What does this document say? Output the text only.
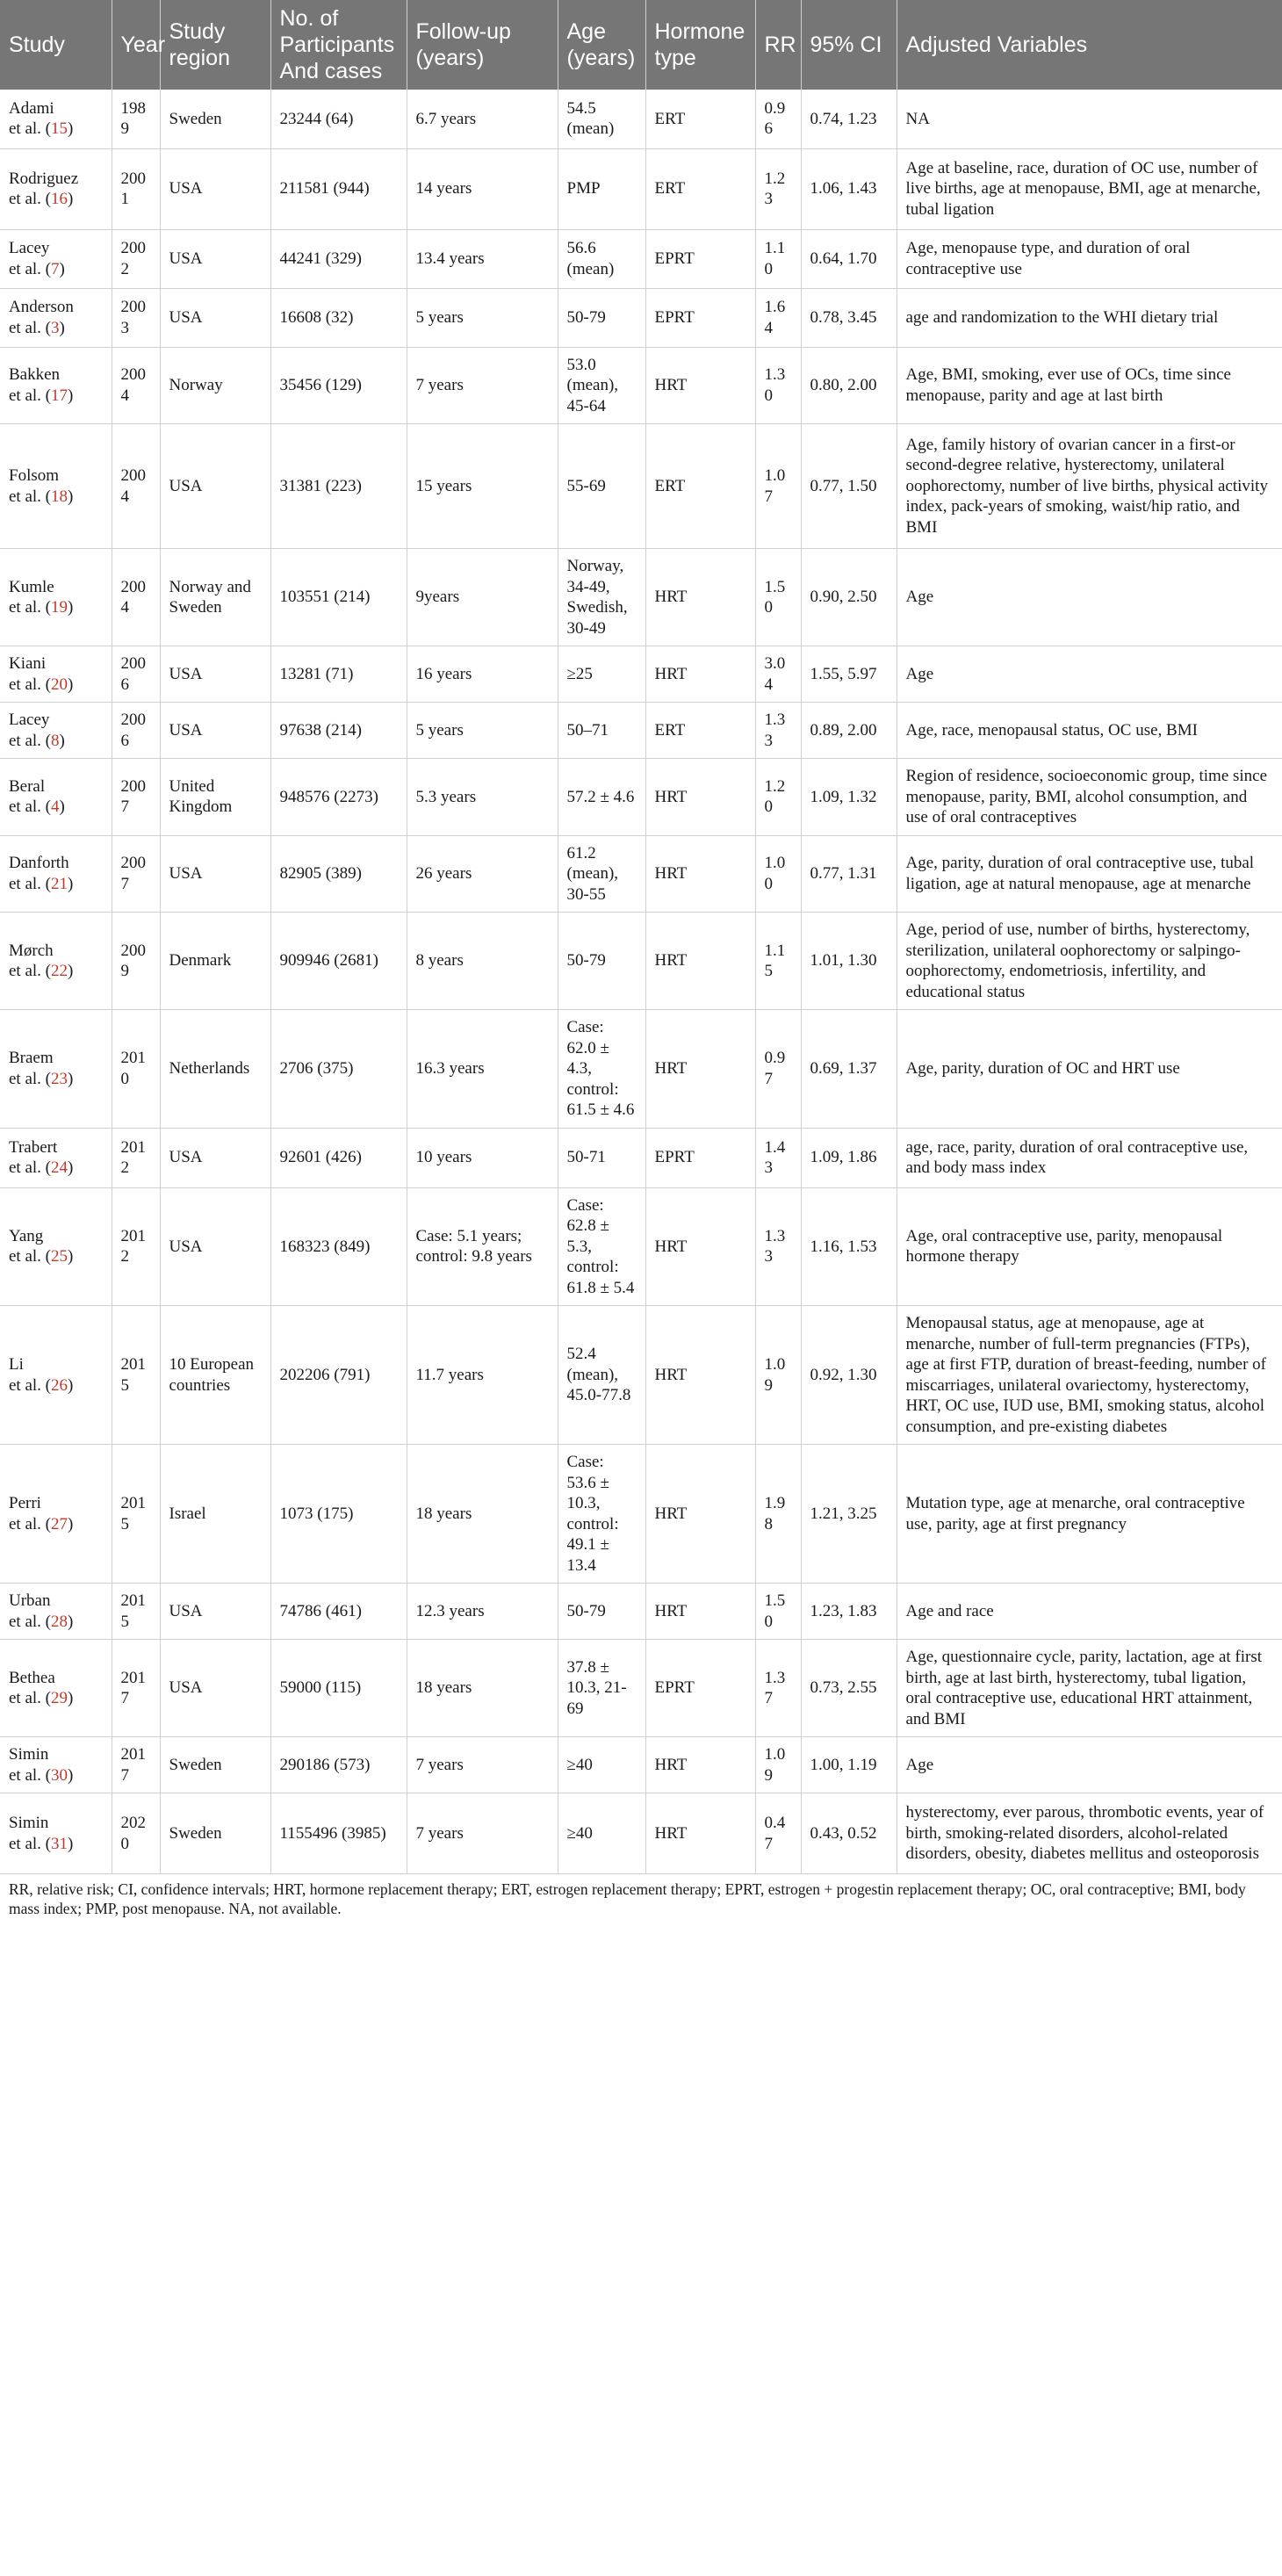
Study	Year	Study region	No. of Participants And cases	Follow-up (years)	Age (years)	Hormone type	RR	95% CI	Adjusted Variables
Adami
et al. (15)	1989	Sweden	23244 (64)	6.7 years	54.5 (mean)	ERT	0.96	0.74, 1.23	NA
Rodriguez
et al. (16)	2001	USA	211581 (944)	14 years	PMP	ERT	1.23	1.06, 1.43	Age at baseline, race, duration of OC use, number of live births, age at menopause, BMI, age at menarche, tubal ligation
Lacey
et al. (7)	2002	USA	44241 (329)	13.4 years	56.6 (mean)	EPRT	1.10	0.64, 1.70	Age, menopause type, and duration of oral contraceptive use
Anderson
et al. (3)	2003	USA	16608 (32)	5 years	50-79	EPRT	1.64	0.78, 3.45	age and randomization to the WHI dietary trial
Bakken
et al. (17)	2004	Norway	35456 (129)	7 years	53.0 (mean), 45-64	HRT	1.30	0.80, 2.00	Age, BMI, smoking, ever use of OCs, time since menopause, parity and age at last birth
Folsom
et al. (18)	2004	USA	31381 (223)	15 years	55-69	ERT	1.07	0.77, 1.50	Age, family history of ovarian cancer in a first-or second-degree relative, hysterectomy, unilateral oophorectomy, number of live births, physical activity index, pack-years of smoking, waist/hip ratio, and BMI
Kumle
et al. (19)	2004	Norway and Sweden	103551 (214)	9years	Norway, 34-49, Swedish, 30-49	HRT	1.50	0.90, 2.50	Age
Kiani
et al. (20)	2006	USA	13281 (71)	16 years	≥25	HRT	3.04	1.55, 5.97	Age
Lacey
et al. (8)	2006	USA	97638 (214)	5 years	50–71	ERT	1.33	0.89, 2.00	Age, race, menopausal status, OC use, BMI
Beral
et al. (4)	2007	United Kingdom	948576 (2273)	5.3 years	57.2 ± 4.6	HRT	1.20	1.09, 1.32	Region of residence, socioeconomic group, time since menopause, parity, BMI, alcohol consumption, and use of oral contraceptives
Danforth
et al. (21)	2007	USA	82905 (389)	26 years	61.2 (mean), 30-55	HRT	1.00	0.77, 1.31	Age, parity, duration of oral contraceptive use, tubal ligation, age at natural menopause, age at menarche
Mørch
et al. (22)	2009	Denmark	909946 (2681)	8 years	50-79	HRT	1.15	1.01, 1.30	Age, period of use, number of births, hysterectomy, sterilization, unilateral oophorectomy or salpingo-oophorectomy, endometriosis, infertility, and educational status
Braem
et al. (23)	2010	Netherlands	2706 (375)	16.3 years	Case: 62.0 ± 4.3, control: 61.5 ± 4.6	HRT	0.97	0.69, 1.37	Age, parity, duration of OC and HRT use
Trabert
et al. (24)	2012	USA	92601 (426)	10 years	50-71	EPRT	1.43	1.09, 1.86	age, race, parity, duration of oral contraceptive use, and body mass index
Yang
et al. (25)	2012	USA	168323 (849)	Case: 5.1 years; control: 9.8 years	Case: 62.8 ± 5.3, control: 61.8 ± 5.4	HRT	1.33	1.16, 1.53	Age, oral contraceptive use, parity, menopausal hormone therapy
Li
et al. (26)	2015	10 European countries	202206 (791)	11.7 years	52.4 (mean), 45.0-77.8	HRT	1.09	0.92, 1.30	Menopausal status, age at menopause, age at menarche, number of full-term pregnancies (FTPs), age at first FTP, duration of breast-feeding, number of miscarriages, unilateral ovariectomy, hysterectomy, HRT, OC use, IUD use, BMI, smoking status, alcohol consumption, and pre-existing diabetes
Perri
et al. (27)	2015	Israel	1073 (175)	18 years	Case: 53.6 ± 10.3, control: 49.1 ± 13.4	HRT	1.98	1.21, 3.25	Mutation type, age at menarche, oral contraceptive use, parity, age at first pregnancy
Urban
et al. (28)	2015	USA	74786 (461)	12.3 years	50-79	HRT	1.50	1.23, 1.83	Age and race
Bethea
et al. (29)	2017	USA	59000 (115)	18 years	37.8 ± 10.3, 21-69	EPRT	1.37	0.73, 2.55	Age, questionnaire cycle, parity, lactation, age at first birth, age at last birth, hysterectomy, tubal ligation, oral contraceptive use, educational HRT attainment, and BMI
Simin
et al. (30)	2017	Sweden	290186 (573)	7 years	≥40	HRT	1.09	1.00, 1.19	Age
Simin
et al. (31)	2020	Sweden	1155496 (3985)	7 years	≥40	HRT	0.47	0.43, 0.52	hysterectomy, ever parous, thrombotic events, year of birth, smoking-related disorders, alcohol-related disorders, obesity, diabetes mellitus and osteoporosis
RR, relative risk; CI, confidence intervals; HRT, hormone replacement therapy; ERT, estrogen replacement therapy; EPRT, estrogen + progestin replacement therapy; OC, oral contraceptive; BMI, body mass index; PMP, post menopause. NA, not available.
